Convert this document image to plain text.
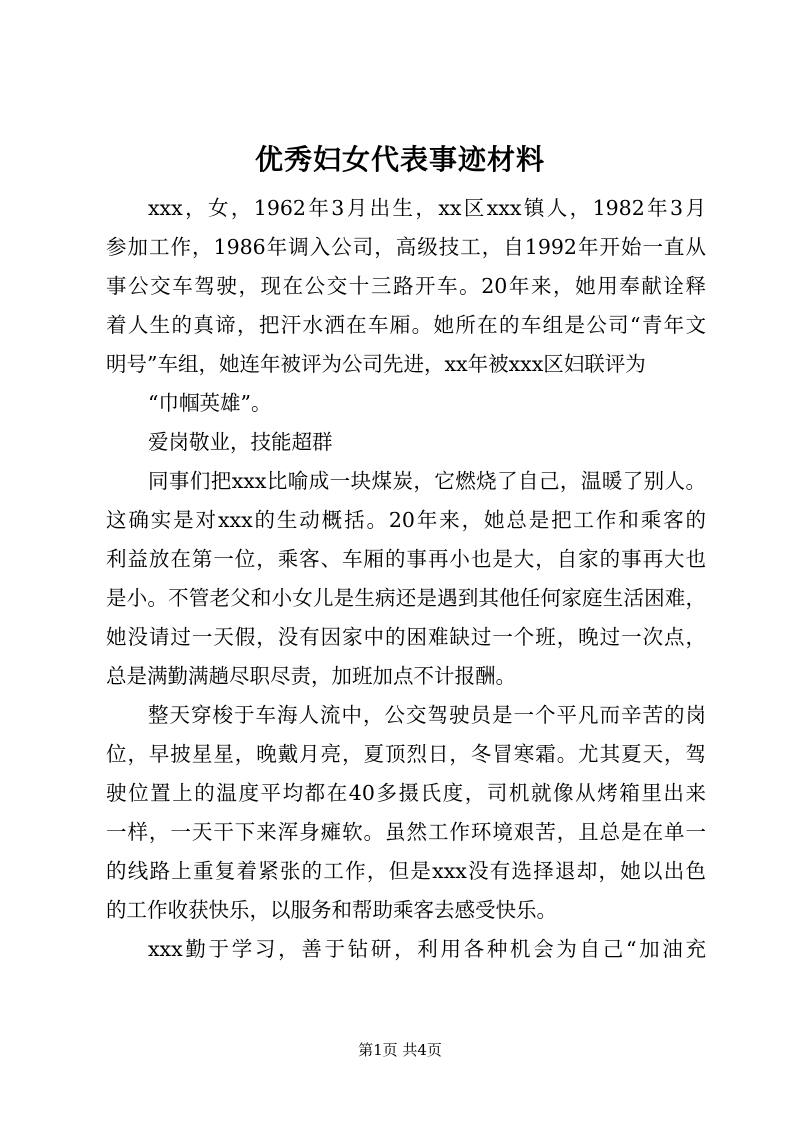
优秀妇女代表事迹材料
xxx，女，1962年3月出生，xx区xxx镇人，1982年3月
参加工作，1986年调入公司，高级技工，自1992年开始一直从
事公交车驾驶，现在公交十三路开车。20年来，她用奉献诠释
着人生的真谛，把汗水洒在车厢。她所在的车组是公司“青年文
明号”车组，她连年被评为公司先进，xx年被xxx区妇联评为
“巾帼英雄”。
爱岗敬业，技能超群
同事们把xxx比喻成一块煤炭，它燃烧了自己，温暖了别人。
这确实是对xxx的生动概括。20年来，她总是把工作和乘客的
利益放在第一位，乘客、车厢的事再小也是大，自家的事再大也
是小。不管老父和小女儿是生病还是遇到其他任何家庭生活困难，
她没请过一天假，没有因家中的困难缺过一个班，晚过一次点，
总是满勤满趟尽职尽责，加班加点不计报酬。
整天穿梭于车海人流中，公交驾驶员是一个平凡而辛苦的岗
位，早披星星，晚戴月亮，夏顶烈日，冬冒寒霜。尤其夏天，驾
驶位置上的温度平均都在40多摄氏度，司机就像从烤箱里出来
一样，一天干下来浑身瘫软。虽然工作环境艰苦，且总是在单一
的线路上重复着紧张的工作，但是xxx没有选择退却，她以出色
的工作收获快乐，以服务和帮助乘客去感受快乐。
xxx勤于学习，善于钻研，利用各种机会为自己“加油充
第1页 共4页
